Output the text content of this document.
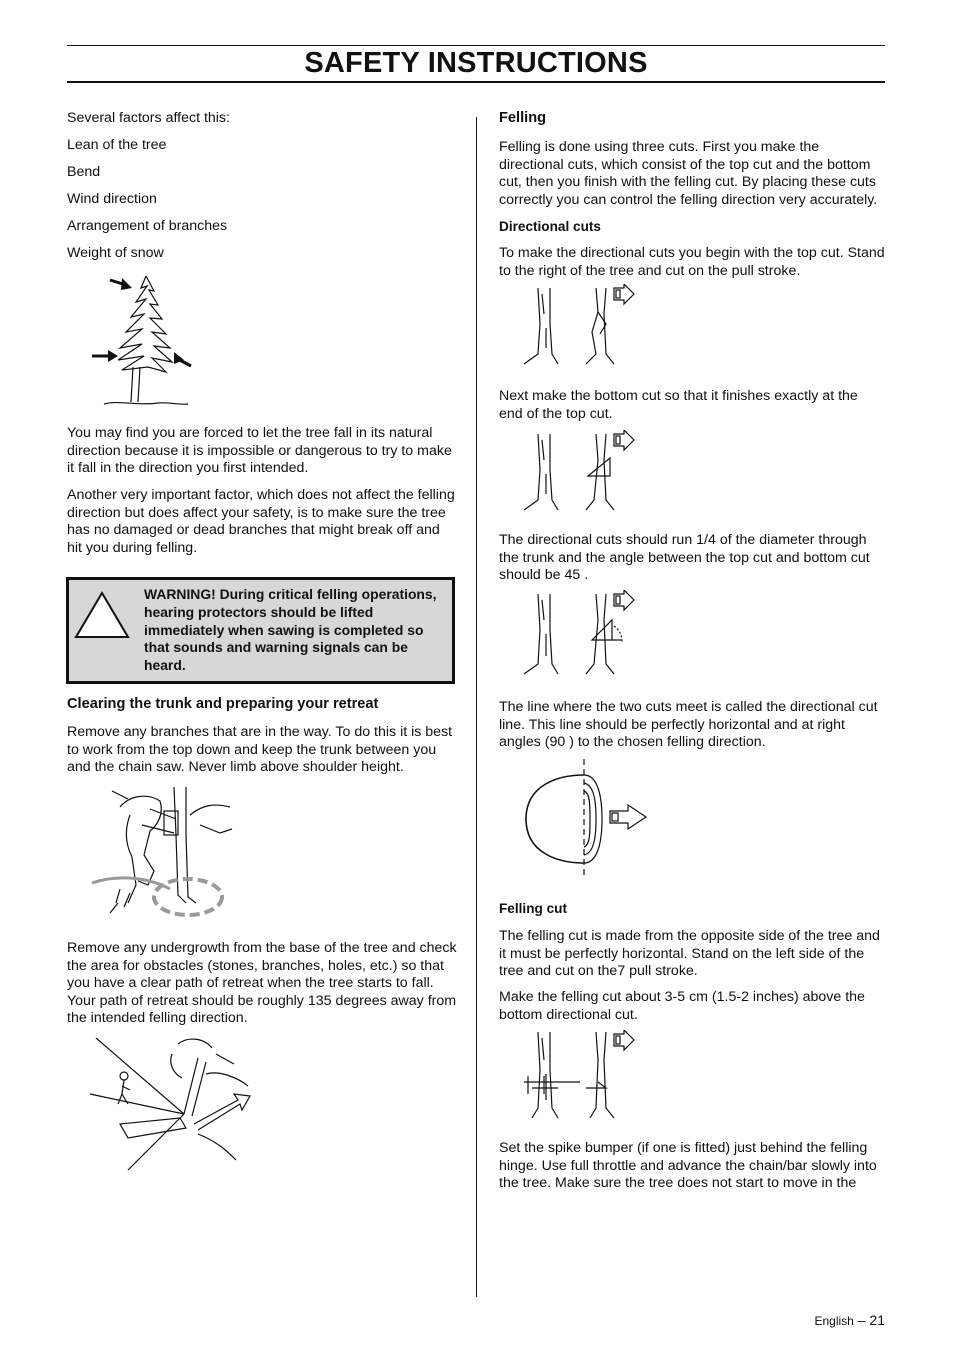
SAFETY INSTRUCTIONS

Several factors affect this:

Lean of the tree

Bend

Wind direction

Arrangement of branches

Weight of snow

You may find you are forced to let the tree fall in its natural direction because it is impossible or dangerous to try to make it fall in the direction you first intended.

Another very important factor, which does not affect the felling direction but does affect your safety, is to make sure the tree has no damaged or dead branches that might break off and hit you during felling.

WARNING! During critical felling operations, hearing protectors should be lifted immediately when sawing is completed so that sounds and warning signals can be heard.

Clearing the trunk and preparing your retreat

Remove any branches that are in the way. To do this it is best to work from the top down and keep the trunk between you and the chain saw. Never limb above shoulder height.

Remove any undergrowth from the base of the tree and check the area for obstacles (stones, branches, holes, etc.) so that you have a clear path of retreat when the tree starts to fall. Your path of retreat should be roughly 135 degrees away from the intended felling direction.

Felling

Felling is done using three cuts. First you make the directional cuts, which consist of the top cut and the bottom cut, then you finish with the felling cut. By placing these cuts correctly you can control the felling direction very accurately.

Directional cuts

To make the directional cuts you begin with the top cut. Stand to the right of the tree and cut on the pull stroke.

Next make the bottom cut so that it finishes exactly at the end of the top cut.

The directional cuts should run 1/4 of the diameter through the trunk and the angle between the top cut and bottom cut should be 45 .

The line where the two cuts meet is called the directional cut line. This line should be perfectly horizontal and at right angles (90 ) to the chosen felling direction.

Felling cut

The felling cut is made from the opposite side of the tree and it must be perfectly horizontal. Stand on the left side of the tree and cut on the7 pull stroke.

Make the felling cut about 3-5 cm (1.5-2 inches) above the bottom directional cut.

Set the spike bumper (if one is fitted) just behind the felling hinge. Use full throttle and advance the chain/bar slowly into the tree. Make sure the tree does not start to move in the

English – 21
